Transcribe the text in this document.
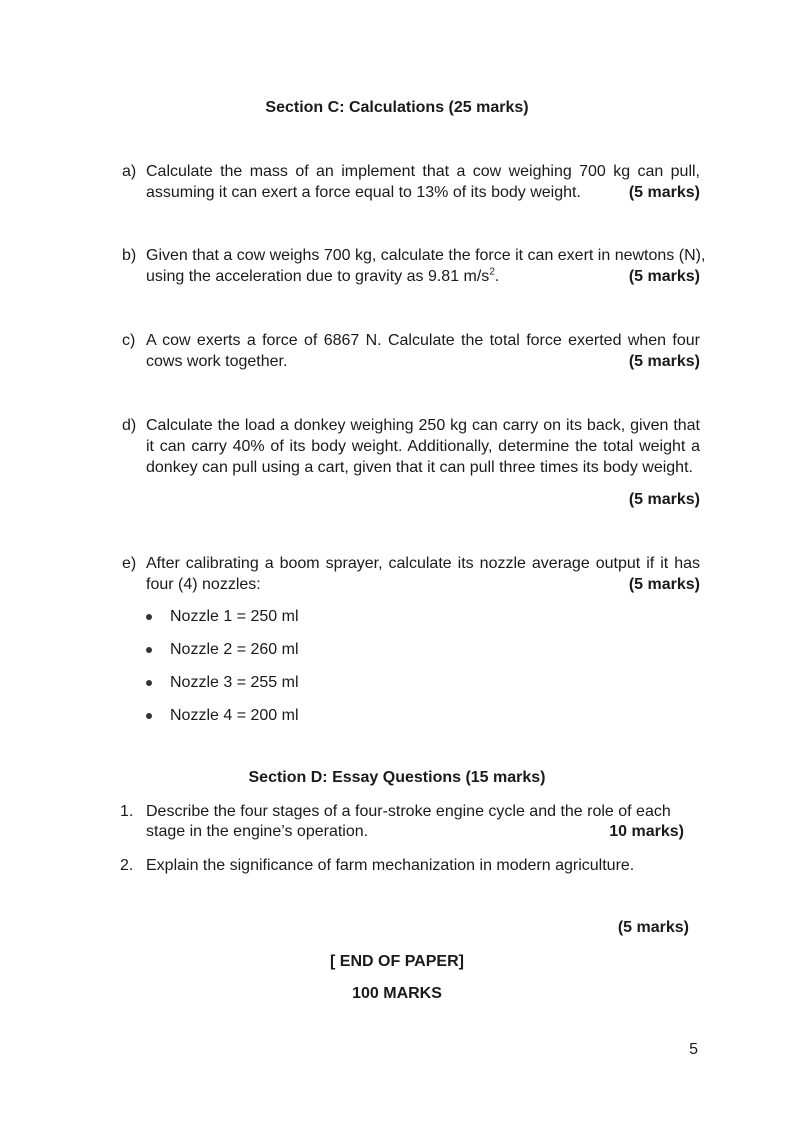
Section C: Calculations (25 marks)
a) Calculate the mass of an implement that a cow weighing 700 kg can pull,
assuming it can exert a force equal to 13% of its body weight.	(5 marks)
b) Given that a cow weighs 700 kg, calculate the force it can exert in newtons (N),
using the acceleration due to gravity as 9.81 $m/s^2$.	(5 marks)
c) A cow exerts a force of 6867 N. Calculate the total force exerted when four
cows work together.	(5 marks)
d) Calculate the load a donkey weighing 250 kg can carry on its back, given that
it can carry 40% of its body weight. Additionally, determine the total weight a
donkey can pull using a cart, given that it can pull three times its body weight.
(5 marks)
e) After calibrating a boom sprayer, calculate its nozzle average output if it has
four (4) nozzles:	(5 marks)
Nozzle 1 = 250 ml
Nozzle 2 = 260 ml
Nozzle 3 = 255 ml
Nozzle 4 = 200 ml
Section D: Essay Questions (15 marks)
1. Describe the four stages of a four-stroke engine cycle and the role of each
stage in the engine’s operation.	10 marks)
2. Explain the significance of farm mechanization in modern agriculture.
(5 marks)
[ END OF PAPER]
100 MARKS
5
